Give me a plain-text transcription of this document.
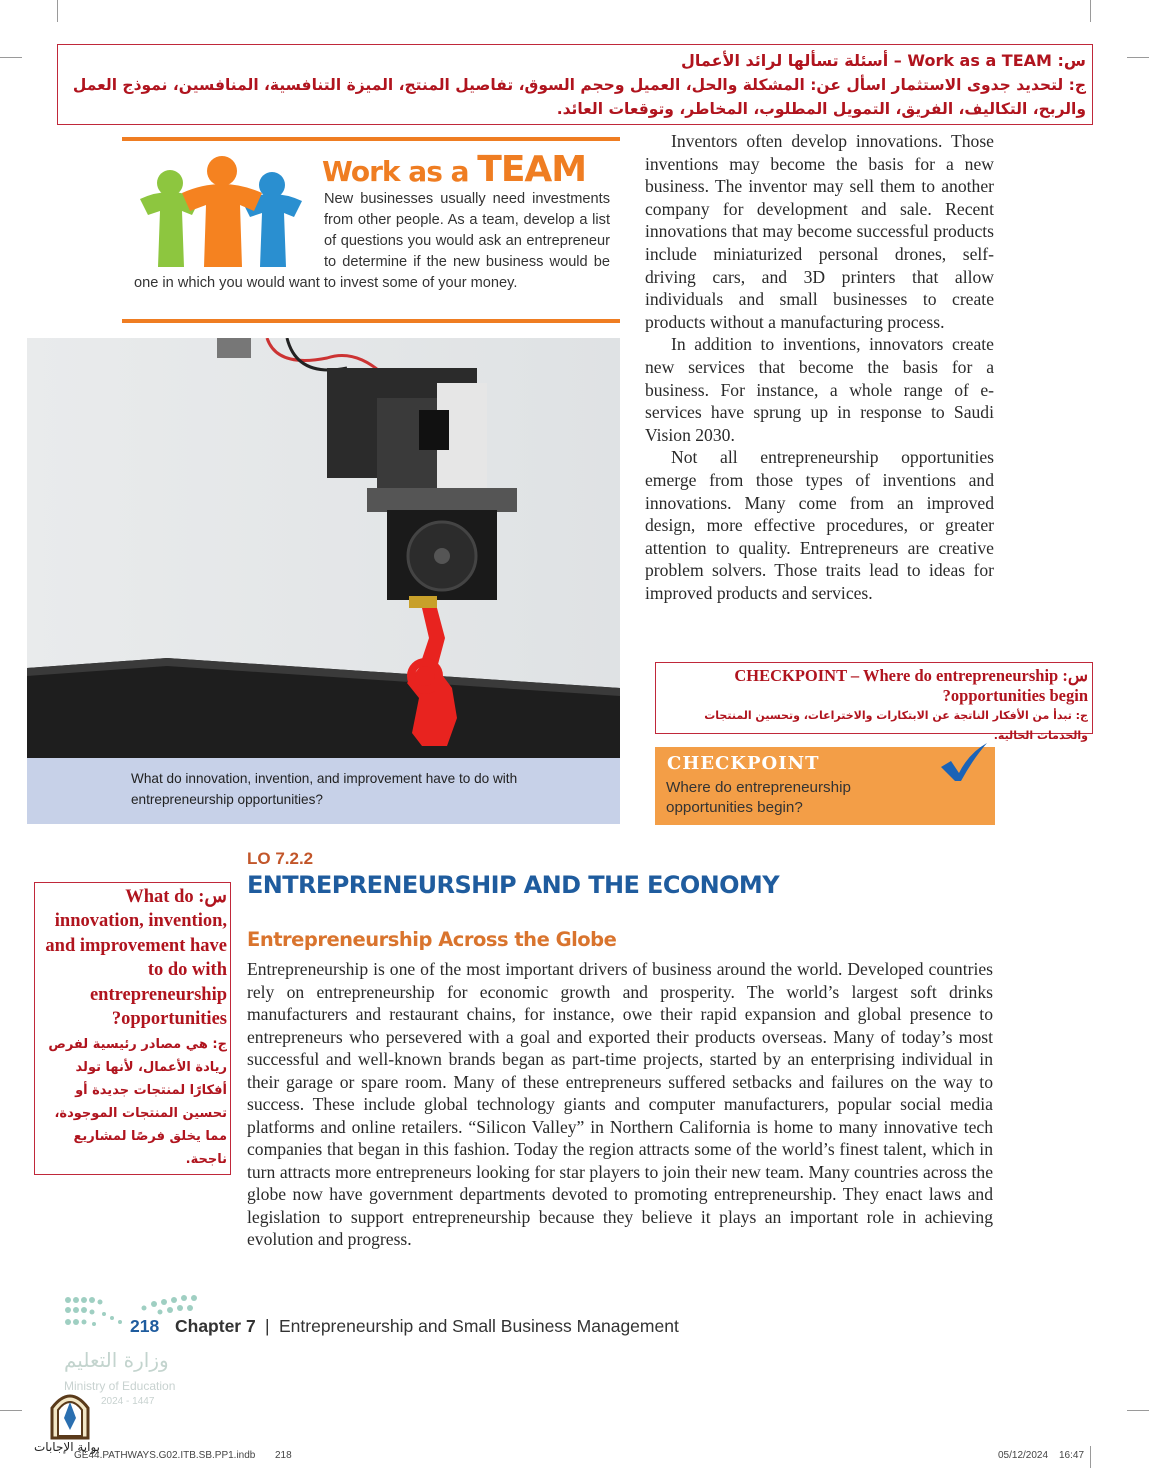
س: Work as a TEAM – أسئلة تسألها لرائد الأعمال
ج: لتحديد جدوى الاستثمار اسأل عن: المشكلة والحل، العميل وحجم السوق، تفاصيل المنتج، الميزة التنافسية، المنافسين، نموذج العمل والربح، التكاليف، الفريق، التمويل المطلوب، المخاطر، وتوقعات العائد.
Work as a TEAM
New businesses usually need investments from other people. As a team, develop a list of questions you would ask an entrepreneur to determine if the new business would be one in which you would want to invest some of your money.
What do innovation, invention, and improvement have to do with entrepreneurship opportunities?

Inventors often develop innovations. Those inventions may become the basis for a new business. The inventor may sell them to another company for development and sale. Recent innovations that may become successful products include miniaturized personal drones, self-driving cars, and 3D printers that allow individuals and small businesses to create products without a manufacturing process.

In addition to inventions, innovators create new services that become the basis for a business. For instance, a whole range of e-services have sprung up in response to Saudi Vision 2030.

Not all entrepreneurship opportunities emerge from those types of inventions and innovations. Many come from an improved design, more effective procedures, or greater attention to quality. Entrepreneurs are creative problem solvers. Those traits lead to ideas for improved products and services.

س: CHECKPOINT – Where do entrepreneurship opportunities begin?
ج: تبدأ من الأفكار الناتجة عن الابتكارات والاختراعات، وتحسين المنتجات والخدمات الحالية.
CHECKPOINT
Where do entrepreneurship opportunities begin?
س: What do innovation, invention, and improvement have to do with entrepreneurship opportunities?
ج: هي مصادر رئيسية لفرص ريادة الأعمال، لأنها تولد أفكارًا لمنتجات جديدة أو تحسين المنتجات الموجودة، مما يخلق فرصًا لمشاريع ناجحة.
LO 7.2.2
ENTREPRENEURSHIP AND THE ECONOMY
Entrepreneurship Across the Globe
Entrepreneurship is one of the most important drivers of business around the world. Developed countries rely on entrepreneurship for economic growth and prosperity. The world’s largest soft drinks manufacturers and restaurant chains, for instance, owe their rapid expansion and global presence to entrepreneurs who persevered with a goal and exported their products overseas. Many of today’s most successful and well-known brands began as part-time projects, started by an enterprising individual in their garage or spare room. Many of these entrepreneurs suffered setbacks and failures on the way to success. These include global technology giants and computer manufacturers, popular social media platforms and online retailers. “Silicon Valley” in Northern California is home to many innovative tech companies that began in this fashion. Today the region attracts some of the world’s finest talent, which in turn attracts more entrepreneurs looking for star players to join their new team. Many countries across the globe now have government departments devoted to promoting entrepreneurship. They enact laws and legislation to support entrepreneurship because they believe it plays an important role in achieving evolution and progress.
218 Chapter 7 | Entrepreneurship and Small Business Management
وزارة التعليم
Ministry of Education
2024 - 1447
بوابة الإجابات
GE44.PATHWAYS.G02.ITB.SB.PP1.indb 218	05/12/2024 16:47
